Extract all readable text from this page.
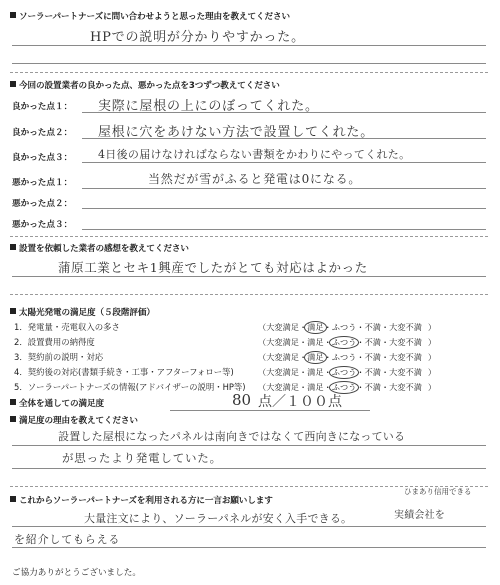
ソーラーパートナーズに問い合わせようと思った理由を教えてください
HPでの説明が分かりやすかった。
今回の設置業者の良かった点、悪かった点を3つずつ教えてください
良かった点１： 実際に屋根の上にのぼってくれた。
良かった点２： 屋根に穴をあけない方法で設置してくれた。
良かった点３： 4日後の届けなければならない書類をかわりにやってくれた。
悪かった点１：	当然だが雪がふると発電は0になる。
悪かった点２：
悪かった点３：
設置を依頼した業者の感想を教えてください
蒲原工業とセキ1興産でしたがとても対応はよかった
太陽光発電の満足度（５段階評価）
1．発電量・売電収入の多さ	（大変満足・満足・ふつう・不満・大変不満 ）
2．設置費用の納得度	（大変満足・満足・ふつう・不満・大変不満 ）
3．契約前の説明・対応	（大変満足・満足・ふつう・不満・大変不満 ）
4．契約後の対応(書類手続き・工事・アフターフォロー等)	（大変満足・満足・ふつう・不満・大変不満 ）
5．ソーラーパートナーズの情報(アドバイザーの説明・HP等) （大変満足・満足・ふつう・不満・大変不満 ）
全体を通しての満足度	80 点／１００点
満足度の理由を教えてください
設置した屋根になったパネルは南向きではなくて西向きになっている
が思ったより発電していた。
これからソーラーパートナーズを利用される方に一言お願いします
ひまあり信用できる
大量注文により、ソーラーパネルが安く入手できる。	実績会社を
を紹介してもらえる
ご協力ありがとうございました。
